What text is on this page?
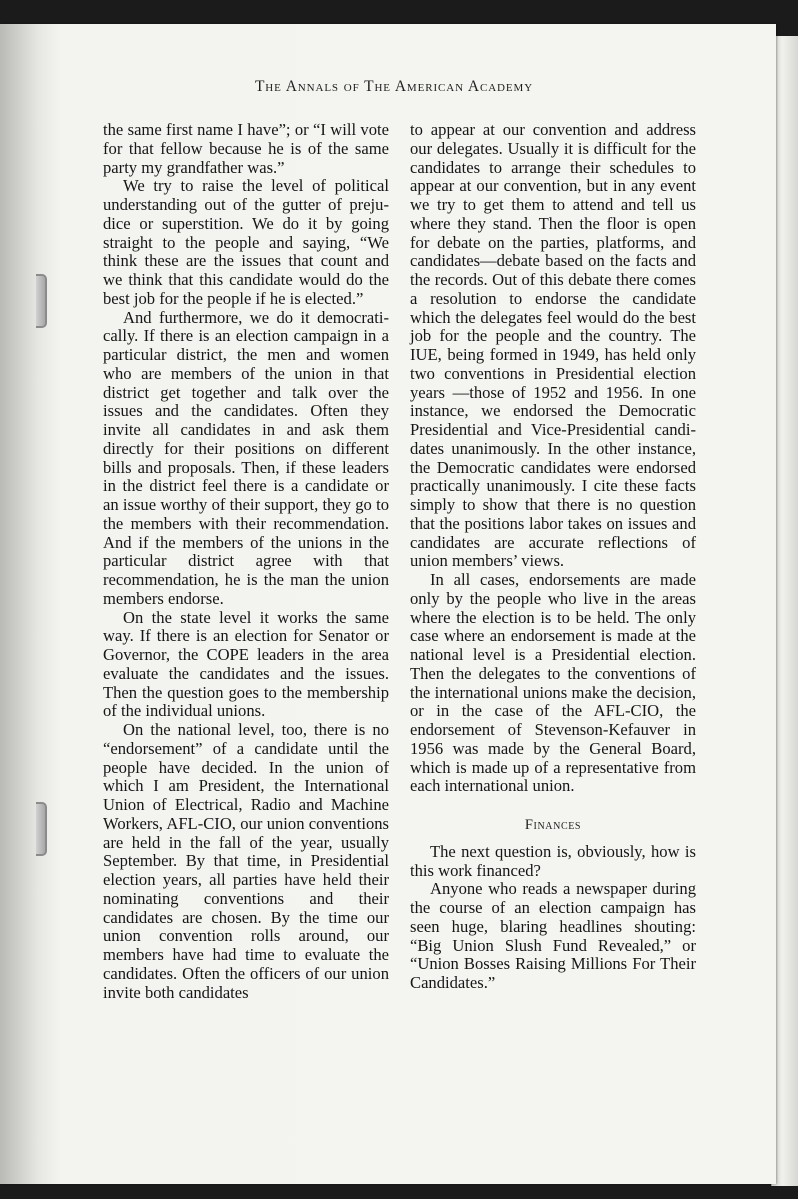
The Annals of The American Academy

the same first name I have”; or “I will vote for that fellow because he is of the same party my grandfather was.”

We try to raise the level of political understanding out of the gutter of prejudice or superstition. We do it by going straight to the people and saying, “We think these are the issues that count and we think that this candidate would do the best job for the people if he is elected.”

And furthermore, we do it democratically. If there is an election campaign in a particular district, the men and women who are members of the union in that district get together and talk over the issues and the candidates. Often they invite all candidates in and ask them directly for their positions on different bills and proposals. Then, if these leaders in the district feel there is a candidate or an issue worthy of their support, they go to the members with their recommendation. And if the members of the unions in the particular district agree with that recommendation, he is the man the union members endorse.

On the state level it works the same way. If there is an election for Senator or Governor, the COPE leaders in the area evaluate the candidates and the issues. Then the question goes to the membership of the individual unions.

On the national level, too, there is no “endorsement” of a candidate until the people have decided. In the union of which I am President, the International Union of Electrical, Radio and Machine Workers, AFL-CIO, our union conventions are held in the fall of the year, usually September. By that time, in Presidential election years, all parties have held their nominating conventions and their candidates are chosen. By the time our union convention rolls around, our members have had time to evaluate the candidates. Often the officers of our union invite both candidates

to appear at our convention and address our delegates. Usually it is difficult for the candidates to arrange their schedules to appear at our convention, but in any event we try to get them to attend and tell us where they stand. Then the floor is open for debate on the parties, platforms, and candidates—debate based on the facts and the records. Out of this debate there comes a resolution to endorse the candidate which the delegates feel would do the best job for the people and the country. The IUE, being formed in 1949, has held only two conventions in Presidential election years —those of 1952 and 1956. In one instance, we endorsed the Democratic Presidential and Vice-Presidential candidates unanimously. In the other instance, the Democratic candidates were endorsed practically unanimously. I cite these facts simply to show that there is no question that the positions labor takes on issues and candidates are accurate reflections of union members’ views.

In all cases, endorsements are made only by the people who live in the areas where the election is to be held. The only case where an endorsement is made at the national level is a Presidential election. Then the delegates to the conventions of the international unions make the decision, or in the case of the AFL-CIO, the endorsement of Stevenson-Kefauver in 1956 was made by the General Board, which is made up of a representative from each international union.

Finances

The next question is, obviously, how is this work financed?

Anyone who reads a newspaper during the course of an election campaign has seen huge, blaring headlines shouting: “Big Union Slush Fund Revealed,” or “Union Bosses Raising Millions For Their Candidates.”
